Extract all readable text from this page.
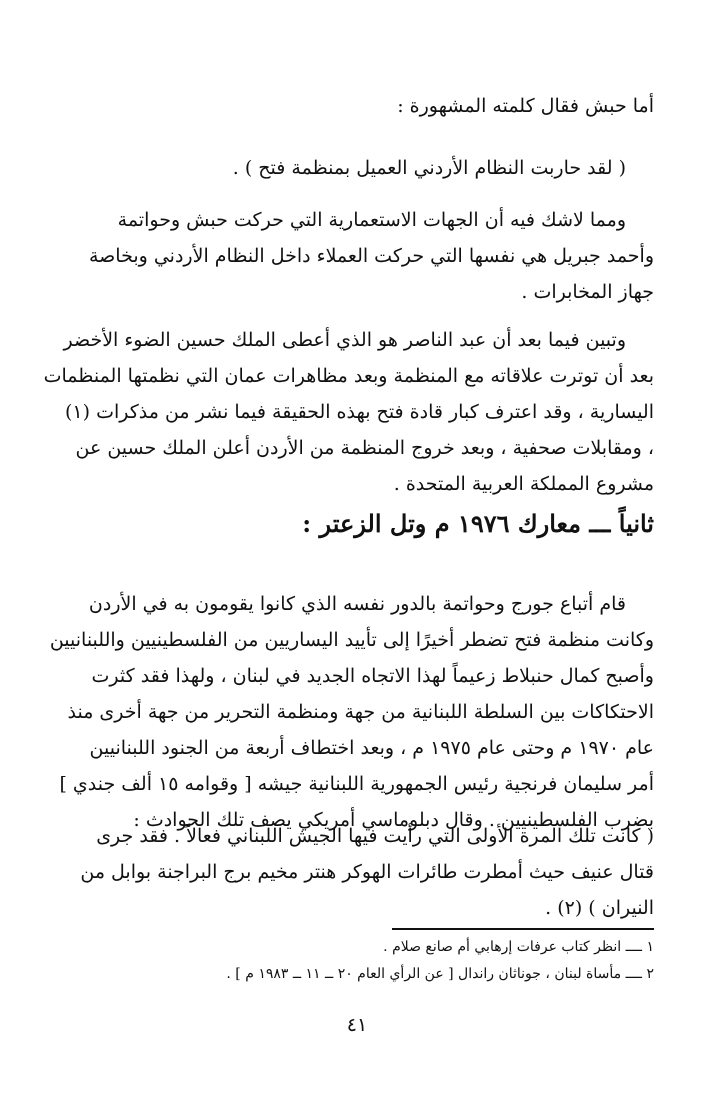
أما حبش فقال كلمته المشهورة :
( لقد حاربت النظام الأردني العميل بمنظمة فتح ) .
ومما لاشك فيه أن الجهات الاستعمارية التي حركت حبش وحواتمة
وأحمد جبريل هي نفسها التي حركت العملاء داخل النظام الأردني وبخاصة
جهاز المخابرات .
وتبين فيما بعد أن عبد الناصر هو الذي أعطى الملك حسين الضوء الأخضر
بعد أن توترت علاقاته مع المنظمة وبعد مظاهرات عمان التي نظمتها المنظمات
اليسارية ، وقد اعترف كبار قادة فتح بهذه الحقيقة فيما نشر من مذكرات (١)
، ومقابلات صحفية ، وبعد خروج المنظمة من الأردن أعلن الملك حسين عن
مشروع المملكة العربية المتحدة .
ثانياً ـــ معارك ١٩٧٦ م وتل الزعتر :
قام أتباع جورج وحواتمة بالدور نفسه الذي كانوا يقومون به في الأردن
وكانت منظمة فتح تضطر أخيرًا إلى تأييد اليساريين من الفلسطينيين واللبنانيين
وأصبح كمال حنبلاط زعيماً لهذا الاتجاه الجديد في لبنان ، ولهذا فقد كثرت
الاحتكاكات بين السلطة اللبنانية من جهة ومنظمة التحرير من جهة أخرى منذ
عام ١٩٧٠ م وحتى عام ١٩٧٥ م ، وبعد اختطاف أربعة من الجنود اللبنانيين
أمر سليمان فرنجية رئيس الجمهورية اللبنانية جيشه [ وقوامه ١٥ ألف جندي ]
بضرب الفلسطينيين . وقال دبلوماسي أمريكي يصف تلك الحوادث :
( كانت تلك المرة الأولى التي رأيت فيها الجيش اللبناني فعالاً . فقد جرى
قتال عنيف حيث أمطرت طائرات الهوكر هنتر مخيم برج البراجنة بوابل من
النيران ) (٢) .
١ ــــ انظر كتاب عرفات إرهابي أم صانع صلام .
٢ ــــ مأساة لبنان ، جوناثان راندال [ عن الرأي العام ٢٠ ــ ١١ ــ ١٩٨٣ م ] .
٤١
